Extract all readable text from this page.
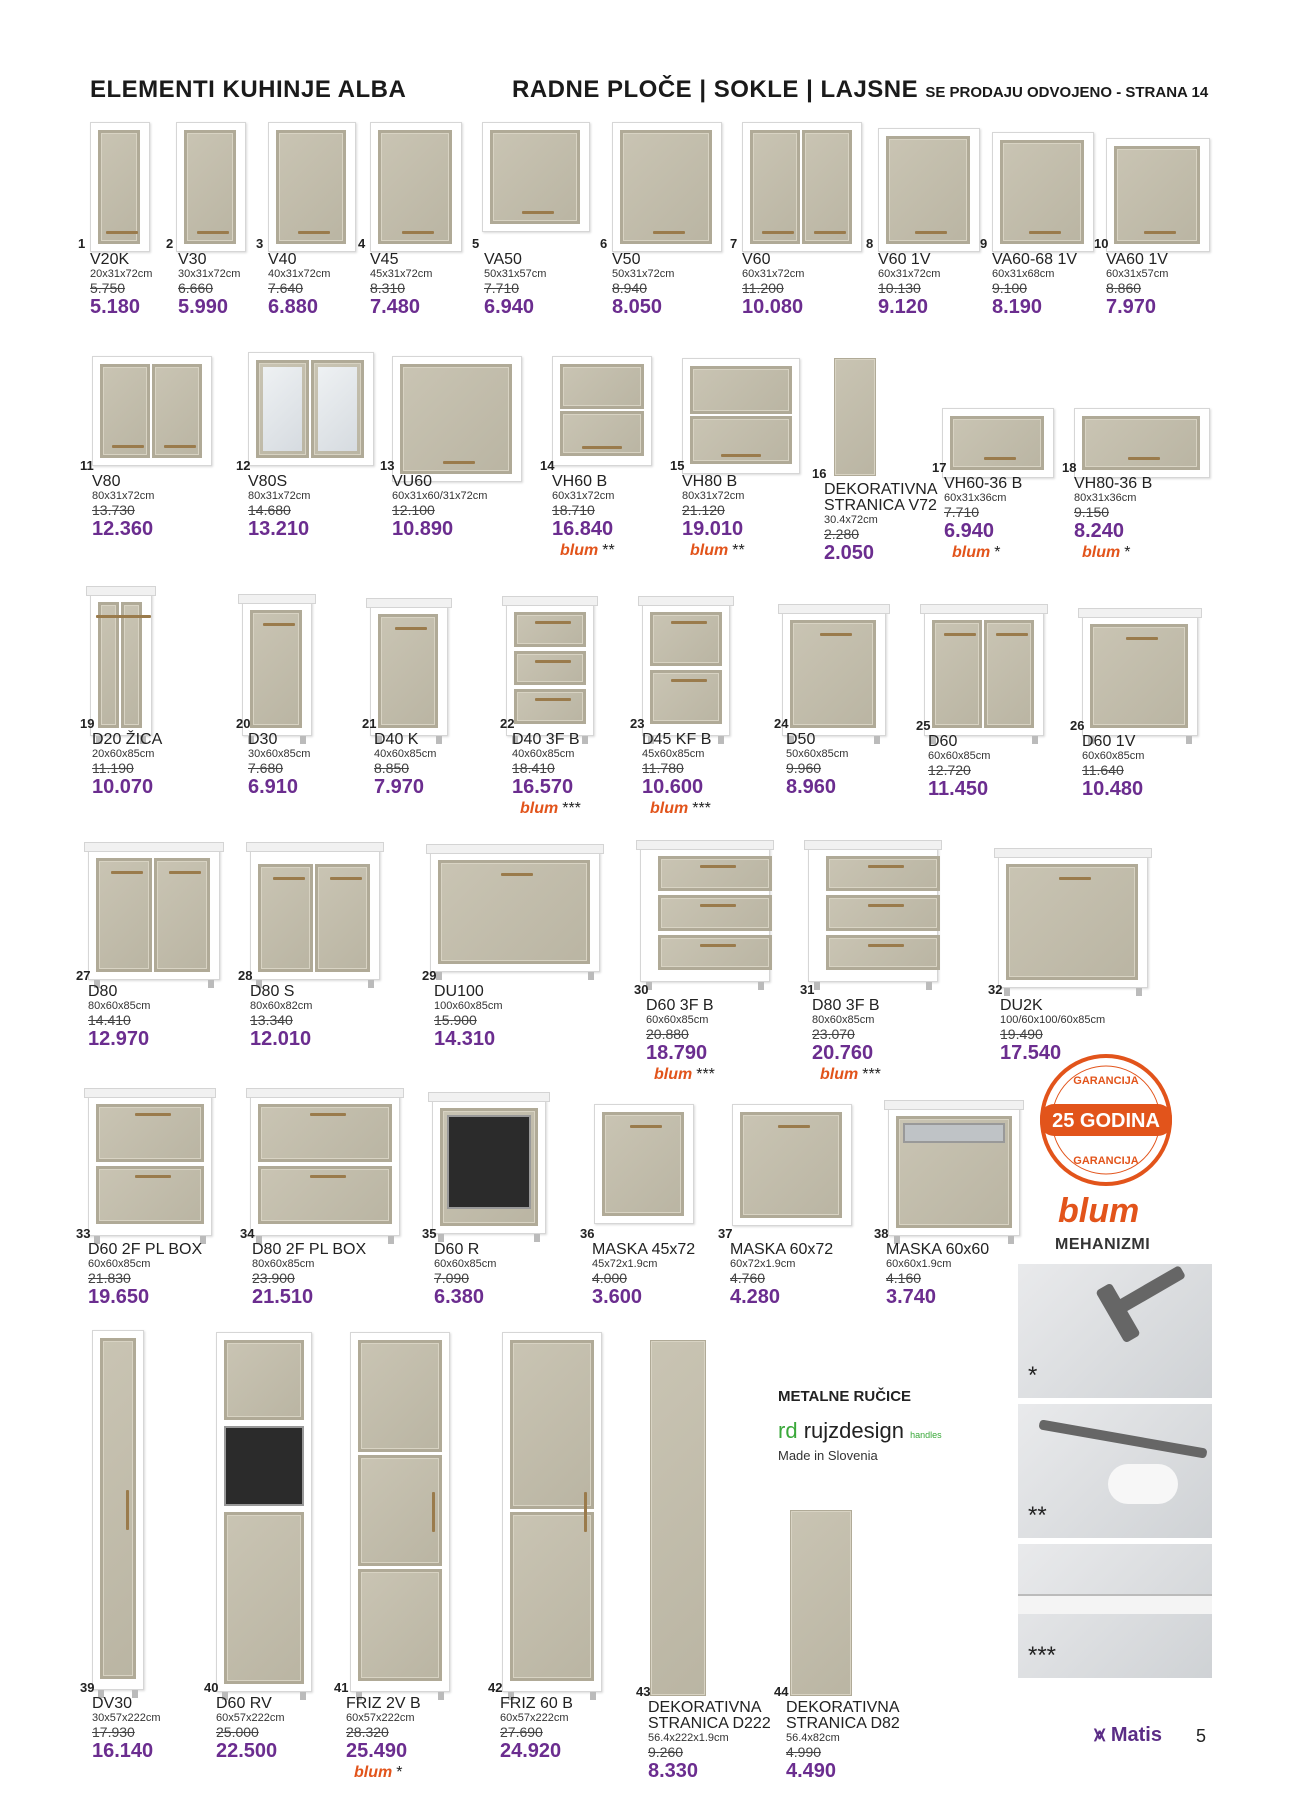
ELEMENTI KUHINJE ALBA	RADNE PLOČE | SOKLE | LAJSNE SE PRODAJU ODVOJENO - STRANA 14
1
V20K
20x31x72cm
5.750
5.180
2
V30
30x31x72cm
6.660
5.990
3
V40
40x31x72cm
7.640
6.880
4
V45
45x31x72cm
8.310
7.480
5
VA50
50x31x57cm
7.710
6.940
6
V50
50x31x72cm
8.940
8.050
7
V60
60x31x72cm
11.200
10.080
8
V60 1V
60x31x72cm
10.130
9.120
9
VA60-68 1V
60x31x68cm
9.100
8.190
10
VA60 1V
60x31x57cm
8.860
7.970
11
V80
80x31x72cm
13.730
12.360
12
V80S
80x31x72cm
14.680
13.210
13
VU60
60x31x60/31x72cm
12.100
10.890
14
VH60 B
60x31x72cm
18.710
16.840
blum **
15
VH80 B
80x31x72cm
21.120
19.010
blum **
16
DEKORATIVNA STRANICA V72
30.4x72cm
2.280
2.050
17
VH60-36 B
60x31x36cm
7.710
6.940
blum *
18
VH80-36 B
80x31x36cm
9.150
8.240
blum *
19
D20 ŽICA
20x60x85cm
11.190
10.070
20
D30
30x60x85cm
7.680
6.910
21
D40 K
40x60x85cm
8.850
7.970
22
D40 3F B
40x60x85cm
18.410
16.570
blum ***
23
D45 KF B
45x60x85cm
11.780
10.600
blum ***
24
D50
50x60x85cm
9.960
8.960
25
D60
60x60x85cm
12.720
11.450
26
D60 1V
60x60x85cm
11.640
10.480
27
D80
80x60x85cm
14.410
12.970
28
D80 S
80x60x82cm
13.340
12.010
29
DU100
100x60x85cm
15.900
14.310
30
D60 3F B
60x60x85cm
20.880
18.790
blum ***
31
D80 3F B
80x60x85cm
23.070
20.760
blum ***
32
DU2K
100/60x100/60x85cm
19.490
17.540
33
D60 2F PL BOX
60x60x85cm
21.830
19.650
34
D80 2F PL BOX
80x60x85cm
23.900
21.510
35
D60 R
60x60x85cm
7.090
6.380
36
MASKA 45x72
45x72x1.9cm
4.000
3.600
37
MASKA 60x72
60x72x1.9cm
4.760
4.280
38
MASKA 60x60
60x60x1.9cm
4.160
3.740
39
DV30
30x57x222cm
17.930
16.140
40
D60 RV
60x57x222cm
25.000
22.500
41
FRIZ 2V B
60x57x222cm
28.320
25.490
blum *
42
FRIZ 60 B
60x57x222cm
27.690
24.920
43
DEKORATIVNA STRANICA D222
56.4x222x1.9cm
9.260
8.330
44
DEKORATIVNA STRANICA D82
56.4x82cm
4.990
4.490
25 GODINA
GARANCIJA
GARANCIJA
blum
MEHANIZMI
*
**
***
METALNE RUČICE
rd rujzdesign handles
Made in Slovenia
⩙ Matis 5
